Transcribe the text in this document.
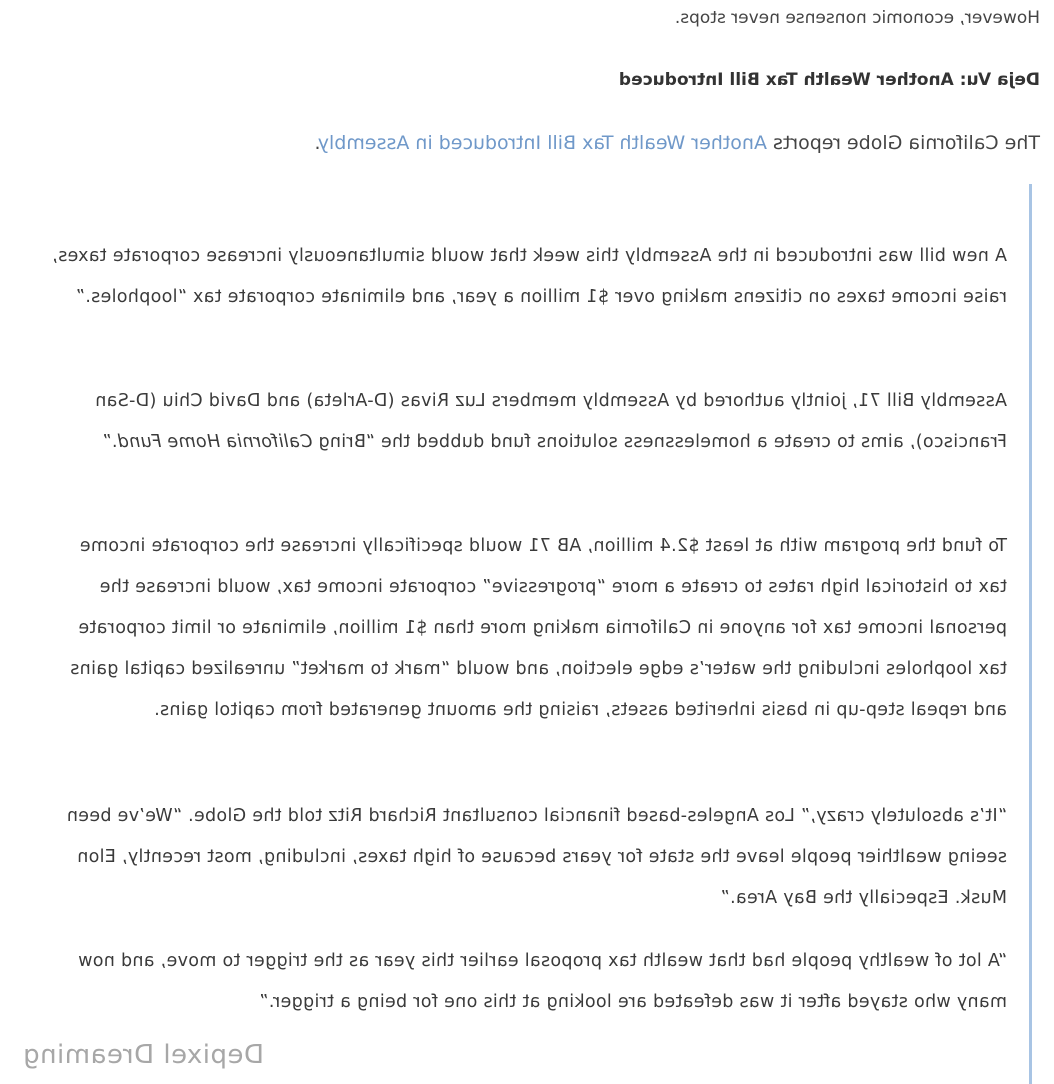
However, economic nonsense never stops.
Deja Vu: Another Wealth Tax Bill Introduced
The California Globe reports Another Wealth Tax Bill Introduced in Assembly.

A new bill was introduced in the Assembly this week that would simultaneously increase corporate taxes, raise income taxes on citizens making over $1 million a year, and eliminate corporate tax “loopholes.”

Assembly Bill 71, jointly authored by Assembly members Luz Rivas (D-Arleta) and David Chiu (D-San Francisco), aims to create a homelessness solutions fund dubbed the “Bring California Home Fund.”

To fund the program with at least $2.4 million, AB 71 would specifically increase the corporate income tax to historical high rates to create a more “progressive” corporate income tax, would increase the personal income tax for anyone in California making more than $1 million, eliminate or limit corporate tax loopholes including the water’s edge election, and would “mark to market” unrealized capital gains and repeal step-up in basis inherited assets, raising the amount generated from capitol gains.

“It’s absolutely crazy,” Los Angeles-based financial consultant Richard Ritz told the Globe. “We’ve been seeing wealthier people leave the state for years because of high taxes, including, most recently, Elon Musk. Especially the Bay Area.”

“A lot of wealthy people had that wealth tax proposal earlier this year as the trigger to move, and now many who stayed after it was defeated are looking at this one for being a trigger.”

Depixel Dreaming
